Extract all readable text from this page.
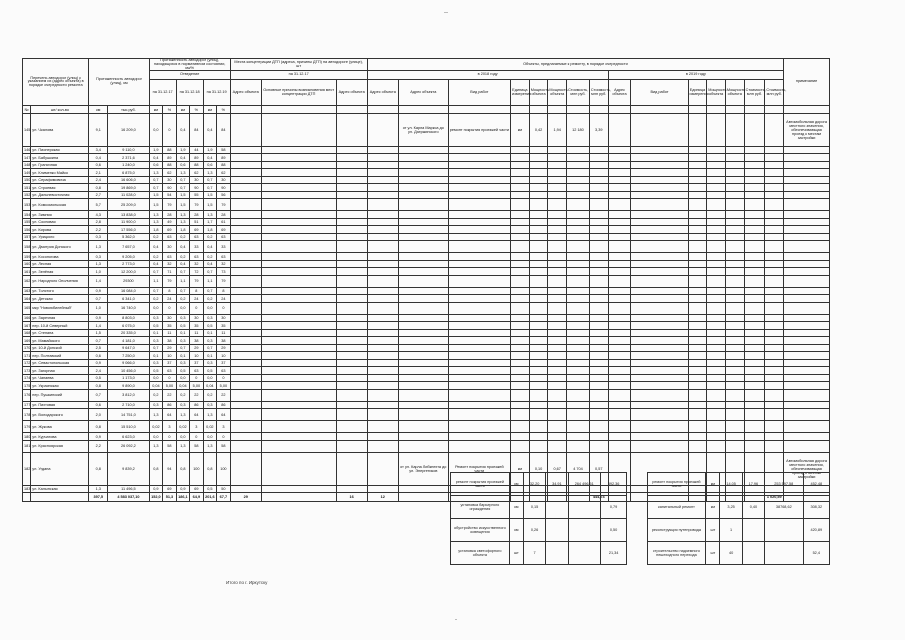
--
Перечень автодорог (улиц) с указанием их (адрес объекта) в порядке очередности ремонта		Протяженность автодорог (улиц), км		Протяженность автодорог (улиц), находящихся в нормативном состоянии, км/%						Места концентрации ДТП (адреса, причины ДТП) на автодороге (улице), шт			Объекты, предлагаемые к ремонту, в порядке очередности															примечание
				Отведение						на 31.12.17			в 2018 году								в 2019 году							
				на 31.12.17		на 31.12.18		на 31.12.19		Адрес объекта	Основные причины возникновения мест концентрации ДТП	Адрес объекта	Адрес объекта	Адрес объекта	Вид работ	Единица измерения	Мощность объекта	Мощность объекта	Стоимость, млн руб.	Стоимость, млн руб.	Адрес объекта	Вид работ	Единица измерения	Мощность объекта	Мощность объекта	Стоимость, млн руб.	Стоимость, млн руб.	
№	шт/ кол-во	км	тыс.руб.	км	%	км	%	км	%																			
145	ул. Чкалова	9,1	16 209,0	0,0	0	0,4	84	0,4	84					от ул. Карла Маркса до ул. Дзержинского	ремонт покрытия проезжей части	км	0,42	1,94	12 180	3,39								Автомобильная дорога местного значения, обеспечивающая проезд к местам застройки
146	ул. Пионерская	3,4	9 110,0	1,9	88	1,9	44	1,9	58																			
147	ул. Бабушкина	0,4	2 371,6	0,4	89	0,4	89	0,4	89																			
148	ул. Граничная	0,6	1 240,0	0,6	88	0,6	88	0,6	88																			
149	ул. Клименко Майко	2,1	6 875,0	1,3	62	1,3	62	1,3	62																			
150	ул. Серафимовича	2,4	16 606,0	0,7	30	0,7	30	0,7	30																			
151	ул. Строевая	0,8	19 869,0	0,7	90	0,7	90	0,7	90																			
152	ул. Дальневосточная	2,7	11 028,0	1,5	54	1,5	55	1,5	56																			
153	ул. Комсомольская	5,7	25 209,0	1,5	79	1,5	79	1,5	79																			
154	ул. Зимняя	4,3	13 838,0	1,3	28	1,3	28	1,3	28																			
155	ул. Сосновая	2,8	11 900,0	1,3	49	1,3	51	1,7	61																			
156	ул. Кирова	2,2	17 556,0	1,8	69	1,8	69	1,8	69																			
157	ул. Урицкого	0,3	5 362,0	0,2	63	0,2	63	0,2	63																			
158	ул. Дмитрия Донского	1,3	7 657,0	0,4	30	0,4	33	0,4	33																			
159	ул. Косоногова	0,3	9 205,0	0,2	63	0,2	63	0,2	63																			
160	ул. Лесная	1,3	2 773,0	0,4	32	0,4	32	0,4	32																			
161	ул. Зелёная	1,0	12 200,0	0,7	71	0,7	72	0,7	73																			
162	ул. Народного Ополчения	1,4	29300	1,1	79	1,1	79	1,1	79																			
163	ул. Толстого	0,9	16 084,0	0,7	8	0,7	8	0,7	8																			
164	ул. Детская	0,7	6 341,0	0,2	24	0,2	24	0,2	24																			
165	мкр "Новоюбилейный"	1,0	16 740,0	0,0	0	0,0	0	0,0	0																			
166	ул. Заречная	0,9	8 803,0	0,3	30	0,3	30	0,3	30																			
167	пер. 10-й Северный	1,4	6 075,0	0,5	35	0,5	35	0,5	35																			
168	ул. Степана	1,5	20 335,0	0,1	11	0,1	11	0,1	11																			
169	ул. Мамайского	0,7	4 181,0	0,3	38	0,3	38	0,3	38																			
170	ул. 10-й Донской	2,5	9 647,0	0,7	29	0,7	29	0,7	29																			
171	пер. Полтавский	0,6	7 250,0	0,1	10	0,1	10	0,1	10																			
172	ул. Севастопольская	0,9	9 066,0	0,3	37	0,3	37	0,3	37																			
173	ул. Загорная	2,4	10 456,0	0,5	63	0,5	63	0,5	63																			
174	ул. Чапаева	0,5	1 173,0	0,0	0	0,0	0	0,0	0																			
175	ул. Украинская	0,8	9 890,0	0,04	5,00	0,04	5,00	0,04	5,00																			
176	пер. Пушкинский	0,7	3 812,0	0,2	22	0,2	22	0,2	22																			
177	ул. Пихтовая	0,6	2 710,0	0,3	86	0,3	86	0,3	86																			
178	ул. Володарского	2,0	14 751,0	1,3	64	1,3	64	1,3	64																			
179	ул. Жукова	0,8	15 510,0	0,02	3	0,02	3	0,02	3																			
180	ул. Курчатова	0,9	6 623,0	0,0	0	0,0	0	0,0	0																			
181	ул. Красноярская	2,2	26 092,2	1,3	58	1,3	58	1,3	58																			
182	ул. Угдана	0,8	9 839,2	0,8	94	0,8	100	0,8	100					от ул. Карла Либкнехта до ул. Энергетиков	Ремонт покрытия проезжей части	км	0,10	0,67	4 704	0,57								Автомобильная дорога местного значения, обеспечивающая проезд к местам застройки
183	ул. Калынская	1,3	11 496,5	0,9	69	0,9	69	0,5	50																			
		397,5	4 583 037,10	152,0	51,3	186,1	64,9	201,6	67,7	29		16	12							444,74							1 020,59	
ремонт покрытия проезжей части	км	32,20	34,91	264 496,51	392,36		ремонт покрытия проезжей части	км	14,05	17,96	253 597,58	452,48
установка барьерного ограждения	км	0,15			0,79		капитальный ремонт	км	3,25	0,40	38768,62	308,32
обустройство искусственного освещения	км	0,26			0,50		реконструкция путепровода	шт	1			420,89
установка светофорного объекта	шт	7			21,34		строительство надземного пешеходного перехода	шт	40			52,4
Итого по г. Иркутску
-
